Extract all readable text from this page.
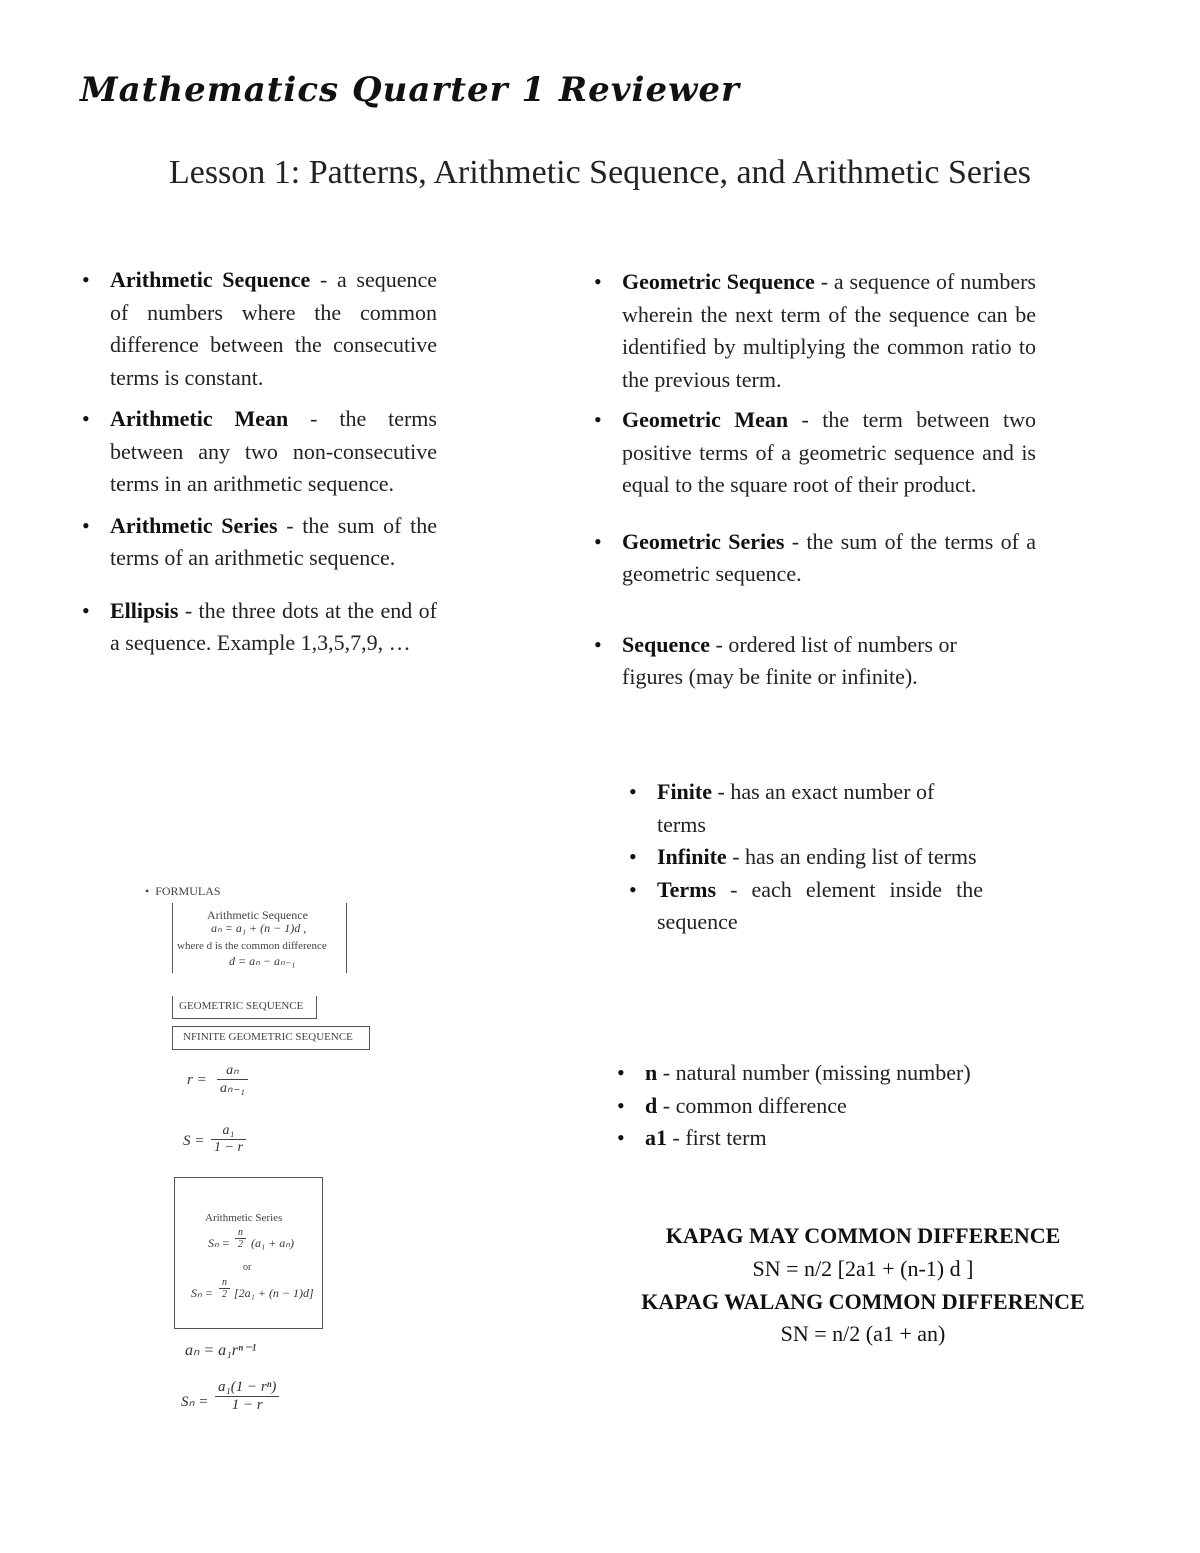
Mathematics Quarter 1 Reviewer
Lesson 1: Patterns, Arithmetic Sequence, and Arithmetic Series
• Arithmetic Sequence - a sequence of numbers where the common difference between the consecutive terms is constant.
• Arithmetic Mean - the terms between any two non-consecutive terms in an arithmetic sequence.
• Arithmetic Series - the sum of the terms of an arithmetic sequence.
• Ellipsis - the three dots at the end of a sequence. Example 1,3,5,7,9, …
• Geometric Sequence - a sequence of numbers wherein the next term of the sequence can be identified by multiplying the common ratio to the previous term.
• Geometric Mean - the term between two positive terms of a geometric sequence and is equal to the square root of their product.
• Geometric Series - the sum of the terms of a geometric sequence.
• Sequence - ordered list of numbers or figures (may be finite or infinite).
• Finite - has an exact number of terms
• Infinite - has an ending list of terms
• Terms - each element inside the sequence
• n - natural number (missing number)
• d - common difference
• a1 - first term
KAPAG MAY COMMON DIFFERENCE
SN = n/2 [2a1 + (n-1) d ]
KAPAG WALANG COMMON DIFFERENCE
SN = n/2 (a1 + an)
•  FORMULAS
Arithmetic Sequence
aₙ = a₁ + (n − 1)d ,
where d is the common difference
d = aₙ − aₙ₋₁
GEOMETRIC SEQUENCE
NFINITE GEOMETRIC SEQUENCE
$r = \frac{\text{aₙ}}{\text{aₙ₋₁}}$
$S = \frac{\text{a₁}}{1 - r}$
Arithmetic Series
$S_n = \frac{n}{2} (a_1 + a_n)$
or
$S_n = \frac{n}{2} [2a_1 + (n - 1)d]$
aₙ = a₁rⁿ⁻¹
$S_n = \frac{\text{a₁(1 − rⁿ)}}{1 - r}$
